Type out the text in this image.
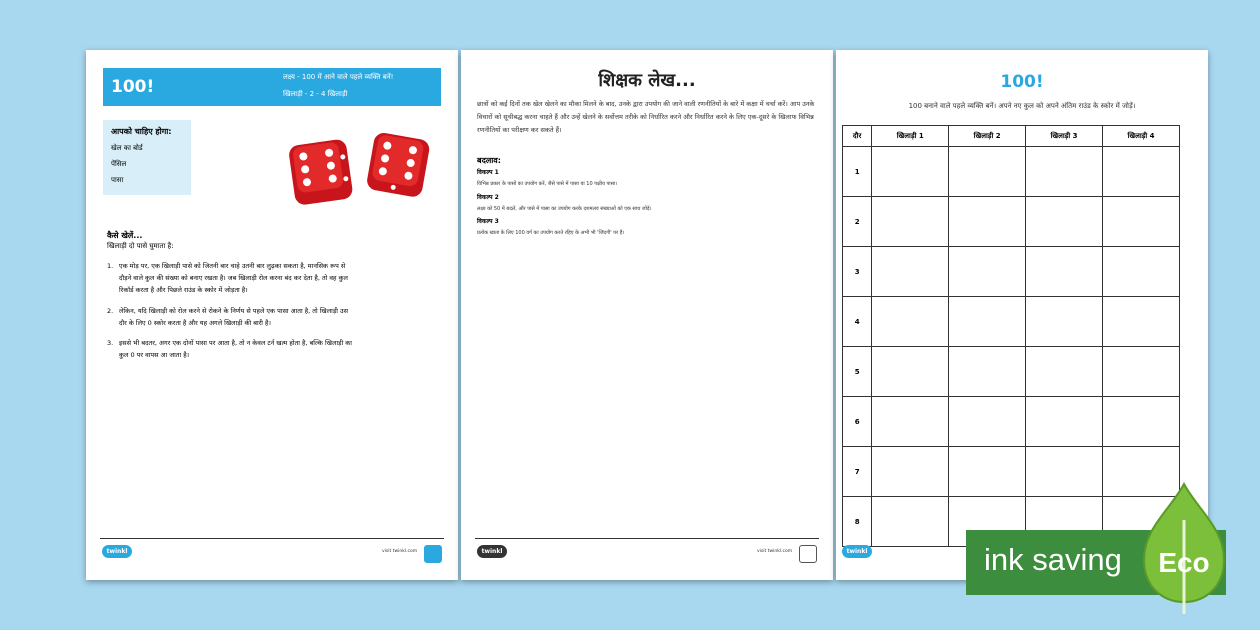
100!	लक्ष्य - 100 में आने वाले पहले व्यक्ति बनें!
खिलाड़ी - 2 - 4 खिलाड़ी
आपको चाहिए होगा:
खेल का बोर्ड
पेंसिल
पासा
कैसे खेलें...
खिलाड़ी दो पासे घुमाता है:
1. एक मोड़ पर, एक खिलाड़ी पासे को जितनी बार चाहे उतनी बार लुढ़का सकता है, मानसिक रूप से दौड़ने वाले कुल की संख्या को बनाए रखता है। जब खिलाड़ी रोल करना बंद कर देता है, तो वह कुल रिकॉर्ड करता है और पिछले राउंड के स्कोर में जोड़ता है।
2. लेकिन, यदि खिलाड़ी को रोल करने से रोकने के निर्णय से पहले एक पासा आता है, तो खिलाड़ी उस दौर के लिए 0 स्कोर करता है और यह अगले खिलाड़ी की बारी है।
3. इससे भी बदतर, अगर एक दोनों पासा पर आता है, तो न केवल टर्न खत्म होता है, बल्कि खिलाड़ी का कुल 0 पर वापस आ जाता है।
twinkl	visit twinkl.com
शिक्षक लेख...
छात्रों को कई दिनों तक खेल खेलने का मौका मिलने के बाद, उनके द्वारा उपयोग की जाने वाली रणनीतियों के बारे में कक्षा में चर्चा करें। आप उनके विचारों को सूचीबद्ध करना चाहते हैं और उन्हें खेलने के सर्वोत्तम तरीके को निर्धारित करने और निर्धारित करने के लिए एक-दूसरे के खिलाफ विभिन्न रणनीतियों का परीक्षण कर सकते हैं।
बदलाव:
विकल्प 1
विभिन्न प्रकार के पासों का उपयोग करें, जैसे पासे में पासा या 10 पक्षीय पासा।
विकल्प 2
लक्ष्य को 50 में बदलें, और पासे में पासा का उपयोग करके दशमलव संख्याओं को एक साथ जोड़ें।
विकल्प 3
प्रत्येक खाता के लिए 100 वर्ग का उपयोग करते रहिए के अभी भी 'जिंदगी' पर हैं।
twinkl	visit twinkl.com
100!
100 बनाने वाले पहले व्यक्ति बनें। अपने नए कुल को अपने अंतिम राउंड के स्कोर में जोड़ें।
दौर	खिलाड़ी 1	खिलाड़ी 2	खिलाड़ी 3	खिलाड़ी 4
1				
2				
3				
4				
5				
6				
7				
8				
twinkl	ink saving Eco
